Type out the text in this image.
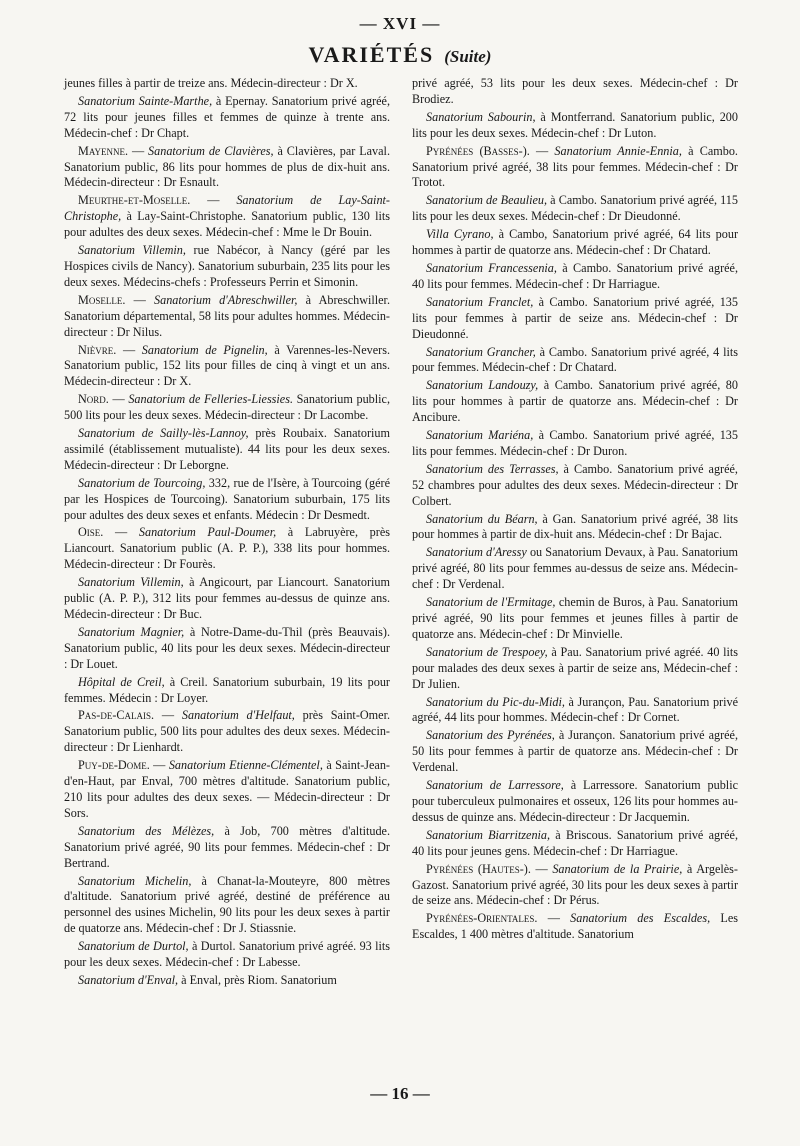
— XVI —
VARIÉTÉS (Suite)

jeunes filles à partir de treize ans. Médecin-directeur : Dr X.

Sanatorium Sainte-Marthe, à Epernay. Sanatorium privé agréé, 72 lits pour jeunes filles et femmes de quinze à trente ans. Médecin-chef : Dr Chapt.

Mayenne. — Sanatorium de Clavières, à Clavières, par Laval. Sanatorium public, 86 lits pour hommes de plus de dix-huit ans. Médecin-directeur : Dr Esnault.

Meurthe-et-Moselle. — Sanatorium de Lay-Saint-Christophe, à Lay-Saint-Christophe. Sanatorium public, 130 lits pour adultes des deux sexes. Médecin-chef : Mme le Dr Bouin.

Sanatorium Villemin, rue Nabécor, à Nancy (géré par les Hospices civils de Nancy). Sanatorium suburbain, 235 lits pour les deux sexes. Médecins-chefs : Professeurs Perrin et Simonin.

Moselle. — Sanatorium d'Abreschwiller, à Abreschwiller. Sanatorium départemental, 58 lits pour adultes hommes. Médecin-directeur : Dr Nilus.

Nièvre. — Sanatorium de Pignelin, à Varennes-les-Nevers. Sanatorium public, 152 lits pour filles de cinq à vingt et un ans. Médecin-directeur : Dr X.

Nord. — Sanatorium de Felleries-Liessies. Sanatorium public, 500 lits pour les deux sexes. Médecin-directeur : Dr Lacombe.

Sanatorium de Sailly-lès-Lannoy, près Roubaix. Sanatorium assimilé (établissement mutualiste). 44 lits pour les deux sexes. Médecin-directeur : Dr Leborgne.

Sanatorium de Tourcoing, 332, rue de l'Isère, à Tourcoing (géré par les Hospices de Tourcoing). Sanatorium suburbain, 175 lits pour adultes des deux sexes et enfants. Médecin : Dr Desmedt.

Oise. — Sanatorium Paul-Doumer, à Labruyère, près Liancourt. Sanatorium public (A. P. P.), 338 lits pour hommes. Médecin-directeur : Dr Fourès.

Sanatorium Villemin, à Angicourt, par Liancourt. Sanatorium public (A. P. P.), 312 lits pour femmes au-dessus de quinze ans. Médecin-directeur : Dr Buc.

Sanatorium Magnier, à Notre-Dame-du-Thil (près Beauvais). Sanatorium public, 40 lits pour les deux sexes. Médecin-directeur : Dr Louet.

Hôpital de Creil, à Creil. Sanatorium suburbain, 19 lits pour femmes. Médecin : Dr Loyer.

Pas-de-Calais. — Sanatorium d'Helfaut, près Saint-Omer. Sanatorium public, 500 lits pour adultes des deux sexes. Médecin-directeur : Dr Lienhardt.

Puy-de-Dome. — Sanatorium Etienne-Clémentel, à Saint-Jean-d'en-Haut, par Enval, 700 mètres d'altitude. Sanatorium public, 210 lits pour adultes des deux sexes. — Médecin-directeur : Dr Sors.

Sanatorium des Mélèzes, à Job, 700 mètres d'altitude. Sanatorium privé agréé, 90 lits pour femmes. Médecin-chef : Dr Bertrand.

Sanatorium Michelin, à Chanat-la-Mouteyre, 800 mètres d'altitude. Sanatorium privé agréé, destiné de préférence au personnel des usines Michelin, 90 lits pour les deux sexes à partir de quatorze ans. Médecin-chef : Dr J. Stiassnie.

Sanatorium de Durtol, à Durtol. Sanatorium privé agréé. 93 lits pour les deux sexes. Médecin-chef : Dr Labesse.

Sanatorium d'Enval, à Enval, près Riom. Sanatorium

privé agréé, 53 lits pour les deux sexes. Médecin-chef : Dr Brodiez.

Sanatorium Sabourin, à Montferrand. Sanatorium public, 200 lits pour les deux sexes. Médecin-chef : Dr Luton.

Pyrénées (Basses-). — Sanatorium Annie-Ennia, à Cambo. Sanatorium privé agréé, 38 lits pour femmes. Médecin-chef : Dr Trotot.

Sanatorium de Beaulieu, à Cambo. Sanatorium privé agréé, 115 lits pour les deux sexes. Médecin-chef : Dr Dieudonné.

Villa Cyrano, à Cambo, Sanatorium privé agréé, 64 lits pour hommes à partir de quatorze ans. Médecin-chef : Dr Chatard.

Sanatorium Francessenia, à Cambo. Sanatorium privé agréé, 40 lits pour femmes. Médecin-chef : Dr Harriague.

Sanatorium Franclet, à Cambo. Sanatorium privé agréé, 135 lits pour femmes à partir de seize ans. Médecin-chef : Dr Dieudonné.

Sanatorium Grancher, à Cambo. Sanatorium privé agréé, 4 lits pour femmes. Médecin-chef : Dr Chatard.

Sanatorium Landouzy, à Cambo. Sanatorium privé agréé, 80 lits pour hommes à partir de quatorze ans. Médecin-chef : Dr Ancibure.

Sanatorium Mariéna, à Cambo. Sanatorium privé agréé, 135 lits pour femmes. Médecin-chef : Dr Duron.

Sanatorium des Terrasses, à Cambo. Sanatorium privé agréé, 52 chambres pour adultes des deux sexes. Médecin-directeur : Dr Colbert.

Sanatorium du Béarn, à Gan. Sanatorium privé agréé, 38 lits pour hommes à partir de dix-huit ans. Médecin-chef : Dr Bajac.

Sanatorium d'Aressy ou Sanatorium Devaux, à Pau. Sanatorium privé agréé, 80 lits pour femmes au-dessus de seize ans. Médecin-chef : Dr Verdenal.

Sanatorium de l'Ermitage, chemin de Buros, à Pau. Sanatorium privé agréé, 90 lits pour femmes et jeunes filles à partir de quatorze ans. Médecin-chef : Dr Minvielle.

Sanatorium de Trespoey, à Pau. Sanatorium privé agréé. 40 lits pour malades des deux sexes à partir de seize ans, Médecin-chef : Dr Julien.

Sanatorium du Pic-du-Midi, à Jurançon, Pau. Sanatorium privé agréé, 44 lits pour hommes. Médecin-chef : Dr Cornet.

Sanatorium des Pyrénées, à Jurançon. Sanatorium privé agréé, 50 lits pour femmes à partir de quatorze ans. Médecin-chef : Dr Verdenal.

Sanatorium de Larressore, à Larressore. Sanatorium public pour tuberculeux pulmonaires et osseux, 126 lits pour hommes au-dessus de quinze ans. Médecin-directeur : Dr Jacquemin.

Sanatorium Biarritzenia, à Briscous. Sanatorium privé agréé, 40 lits pour jeunes gens. Médecin-chef : Dr Harriague.

Pyrénées (Hautes-). — Sanatorium de la Prairie, à Argelès-Gazost. Sanatorium privé agréé, 30 lits pour les deux sexes à partir de seize ans. Médecin-chef : Dr Pérus.

Pyrénées-Orientales. — Sanatorium des Escaldes, Les Escaldes, 1 400 mètres d'altitude. Sanatorium

— 16 —
